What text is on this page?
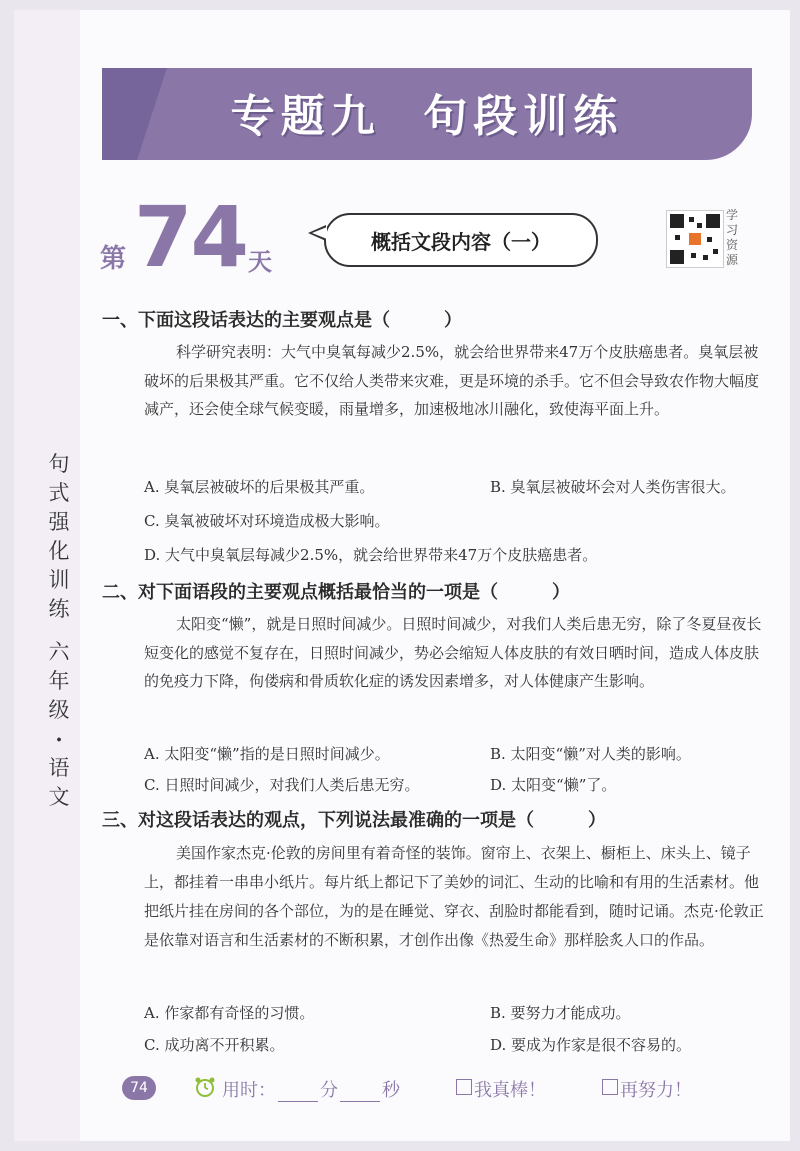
专题九  句段训练
第 74 天
概括文段内容（一）
学
习
资
源
句
式
强
化
训
练
六
年
级
·
语
文
一、下面这段话表达的主要观点是（　　　）
科学研究表明：大气中臭氧每减少2.5%，就会给世界带来47万个皮肤癌患者。臭氧层被破坏的后果极其严重。它不仅给人类带来灾难，更是环境的杀手。它不但会导致农作物大幅度减产，还会使全球气候变暖，雨量增多，加速极地冰川融化，致使海平面上升。
A. 臭氧层被破坏的后果极其严重。	B. 臭氧层被破坏会对人类伤害很大。
C. 臭氧被破坏对环境造成极大影响。
D. 大气中臭氧层每减少2.5%，就会给世界带来47万个皮肤癌患者。
二、对下面语段的主要观点概括最恰当的一项是（　　　）
太阳变“懒”，就是日照时间减少。日照时间减少，对我们人类后患无穷，除了冬夏昼夜长短变化的感觉不复存在，日照时间减少，势必会缩短人体皮肤的有效日晒时间，造成人体皮肤的免疫力下降，佝偻病和骨质软化症的诱发因素增多，对人体健康产生影响。
A. 太阳变“懒”指的是日照时间减少。	B. 太阳变“懒”对人类的影响。
C. 日照时间减少，对我们人类后患无穷。	D. 太阳变“懒”了。
三、对这段话表达的观点，下列说法最准确的一项是（　　　）
美国作家杰克·伦敦的房间里有着奇怪的装饰。窗帘上、衣架上、橱柜上、床头上、镜子上，都挂着一串串小纸片。每片纸上都记下了美妙的词汇、生动的比喻和有用的生活素材。他把纸片挂在房间的各个部位，为的是在睡觉、穿衣、刮脸时都能看到，随时记诵。杰克·伦敦正是依靠对语言和生活素材的不断积累，才创作出像《热爱生命》那样脍炙人口的作品。
A. 作家都有奇怪的习惯。	B. 要努力才能成功。
C. 成功离不开积累。	D. 要成为作家是很不容易的。
74	用时： 分 秒	我真棒！	再努力！
